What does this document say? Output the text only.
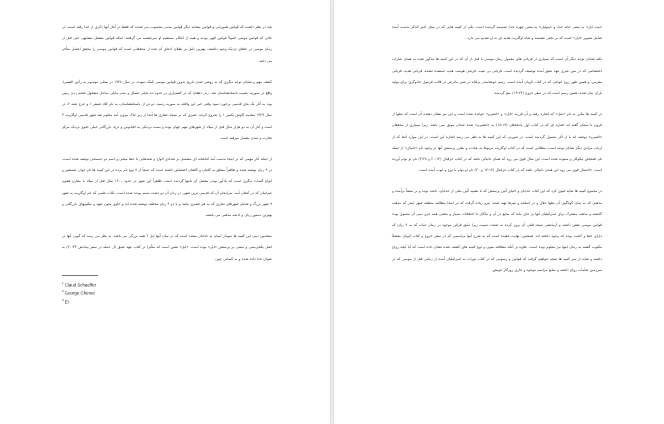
باید در نظر داشت که قوانین همورابی و قوانین مشابه دیگر قوانین مدنی محسوب می شدند که فقط در آغاز آنها ذکری از خدا رفته است، در حالی که قوانین موسی اصولاً قوانین الهی بودند و همه از احکام مستقیم او سرچشمه می گرفتند. اینکه قوانین مفصل مشابهی حتی قبل از زمان موسی در جاهای نزدیک وجود داشتند، بهترین دلیل بر بطلان ادعای آن عده از محققانی است که قوانین موسی را محقق اعصار متأخر می دانند.

کشف مهم و شایان توجه دیگری که به روشن شدن تاریخ تدوین قوانین موسی کمک نموده، در سال ۱۹۲۸ در محلی موسوم به رأس الشمرا، واقع در سوریه، نصیب باستانشناسان شد. زنی دهقان که در کشتزاری در حدود ده مایلی شمال و سپ مایلی ساحل مشغول شخم زدن زمین بود، به آثار یک بنای قدیمی برخورد نمود وقتی خبر این واقعه به سوریه رسید، دو تن از باستانشناسان، به نام کلاد شیفر ۱ و جرج شنه ۲، در سال ۱۹۲۹ مقدمه کاوش یکسر ۱ را شروع کردند. شیری که در نتیجه حفاری ها آنجا از زیر خاک بیرون آمد معلوم شد شهر قدیمی اوگاریت ۳ است و آثار آن به دو هزار سال قبل از میلاد از شهرهای مهم جهان بوده و بسب نزدیکی به اقیانوس و دریا، بازرگانی خیلی جلوی تزدیک مرکز تجارت و تمدن بشمار میرفته است.

از جمله آثار مهمی که در اینجا بدست آمد کتابخانه ای مشتمل بر تعدادی الواح و صندهایی با خط میخی و اسم دو جسمانی نوشته شده است. در ۹ زبان نوشته شده و ظاهراً متعلق به کاتبان و کاهنان اختصاص داشته است که جمعاً از ۷ نوع نام برده در این کتیبه ها نام جواز، شمشیر و انواع کلمات دیگری است که یادآور بودن مفصل آن نامها گردیده است. ظاهراً این شهر در حدود ۱۴۰۰ سال قبل از میلاد با مقارن هجوم عبرانیان که در کنعان آمد، سرانجام آن که قدیمی ترین شهر، در زبان آن دو دشت بسته بودند شده است. نکات علمی که نام اوگاریت به شهر ۹ شهر بزرگ و شامل شهرهای تجاری که به هر عصری مانند و با دو ۹ زبان مختلف نوشته شده اند و حاوی متون تعهد و مکتوبهای بازرگانی و بهترین دستور زبان و ادعیه مذهبی می باشند.

مضامین دینی این کتیبه ها نمودار ایمان به خدایان متعدد است که در میان آنها ایل ۲ همه بزرگی می باشد. به نظر می رسد که گویی آنها در اصل یکتاپرستی و مبتنی بر پرستش «ایل» بوده است. «ایل» نفس است که متأثرا در کتاب عهد عتیق (از جمله در سفر پیدایش ۲۰:۳۳) به عنوان خدا داده شده و به کسانی چون

$^1$Claud Schaeffer

$^2$George Chenet

$^3$El

«بیت ایل» به معنی خانه خدا، و «پنوئیل» به معنی چهره خدا، ضمیمه گردیده است. یکی از کتیبه هایی که در محل اخیر الذکر بدست آمده شامل تصویر «ایل» است که بر تختی نشسته و شاه اوگاریت هدیه ای به او تقدیم می دارد.

نکته شایان توجه دیگر آن است که بسیاری از قربانی های معمول زمان موسی یا قبل از آن که در این کتیبه ها مذکور شده به همان عبارات اختصاصی که در متن عبری عهد عتیق آمده توصیف گردیده است. قربانی بی عیب، قربانی هوسه، هدیه جمشده نشده، قربانی هدیه، قربانی مقرس، و همین طور زوج انواعی که در کتاب لاویان آمده است. رسم جوشانیدن بزغاله در شیر مادرش در قالب فرمول جادوگری برای تولید باران بیان شده، همین رسم است که در سفر خروج (۱۹:۲۳) منع گردیده.

در کتیبه ها مکرر به نام «بعل» که اشاره رفته و آن فرزند «ایل» و «اشیرم» خوانده شده است و این نیز نشان دهنده آن است که بعلها از قرون تا سنتان گفته اند اشاره ای که در کتاب اول پادشاهان (۱۸:۱۹) به «انشیرم» شده چندان موثق نمی باشد. زیرا بسیاری از محققان «اشیرم» نوشته اند یا از آثار معمول گردیده است. در صورتی که این کتیبه ها به نظر می رسد اشاره این است. در این موارد آنجا که از ارباب مرادی دیگر شایان توجه است، مطالبی است که در کتاب اوگاریت مربوط به عبادت و بطرز پرستش آنها در وجود نام «دانیال» از جمله نام اشخاص نیکوکار و ستوده شده است. این مثال قوی می رود که همان دانیالی باشد که در کتاب حزقیال (۲۰:۱۴ و ۳:۲۸) نام او توام آورده است. «احتمال قوی می رود ابن همان دانیالی باشد که در کتاب حزقیال (۱۴:۱۴ و ۲۰) نام او توام با نوح و ایوب آمده است.

در مجموع کتیبه ها شاید قبول کرد که این کتاب خدایان و احیای آئین پرستش که با تشبیه آئین بعلی از خدایان، باعث بوده و بر منشأ برآمده و مذهبی که به سان گوناگون آن بعلها حلال و در اسلحه و غیرها تهیه شده، نیرو زیاده گرفت که در اینجا مطالعه منطقه شهر ایندر که مذهب گذشته و مذهب مشترک برای اسرائیلیان آنها بر جای ماند که منابع در آن و نیاکان تا اختلافات بسیار و بعضی همه جزو دینی آن معمول بوده قوانین موسی نقص داشته و آزمایشی نتیجه قبلی آن بروز کرده به صحت نسبت زیرا مایق قرائن موجود در زمان حیات که به ۹ زبان که دارای خط و کتابت بوده اند وجود داشته اند. همچنین، نهایت عقیده است که به شرح آنها مراسمی که در سفر خروج و کتاب لاویان مفصلاً مکتوب گشته به زمان اینها نیز معلوم بوده است. علاوه بر آنکه مطالعه متون و نوع کتیبه های کشف شده نشان داده است که آیا آنچه رواج داشته و شاید از سر کتیبه ها نتیجه خواهیم گرفت که قوانین و رسومی که در کتاب تورات به اسرائیلیان آمده از زمانی قبل از موسی که در سرزمین شامات رواج داشته و منابع مراسم موجود و جاری روزگار خویش.
